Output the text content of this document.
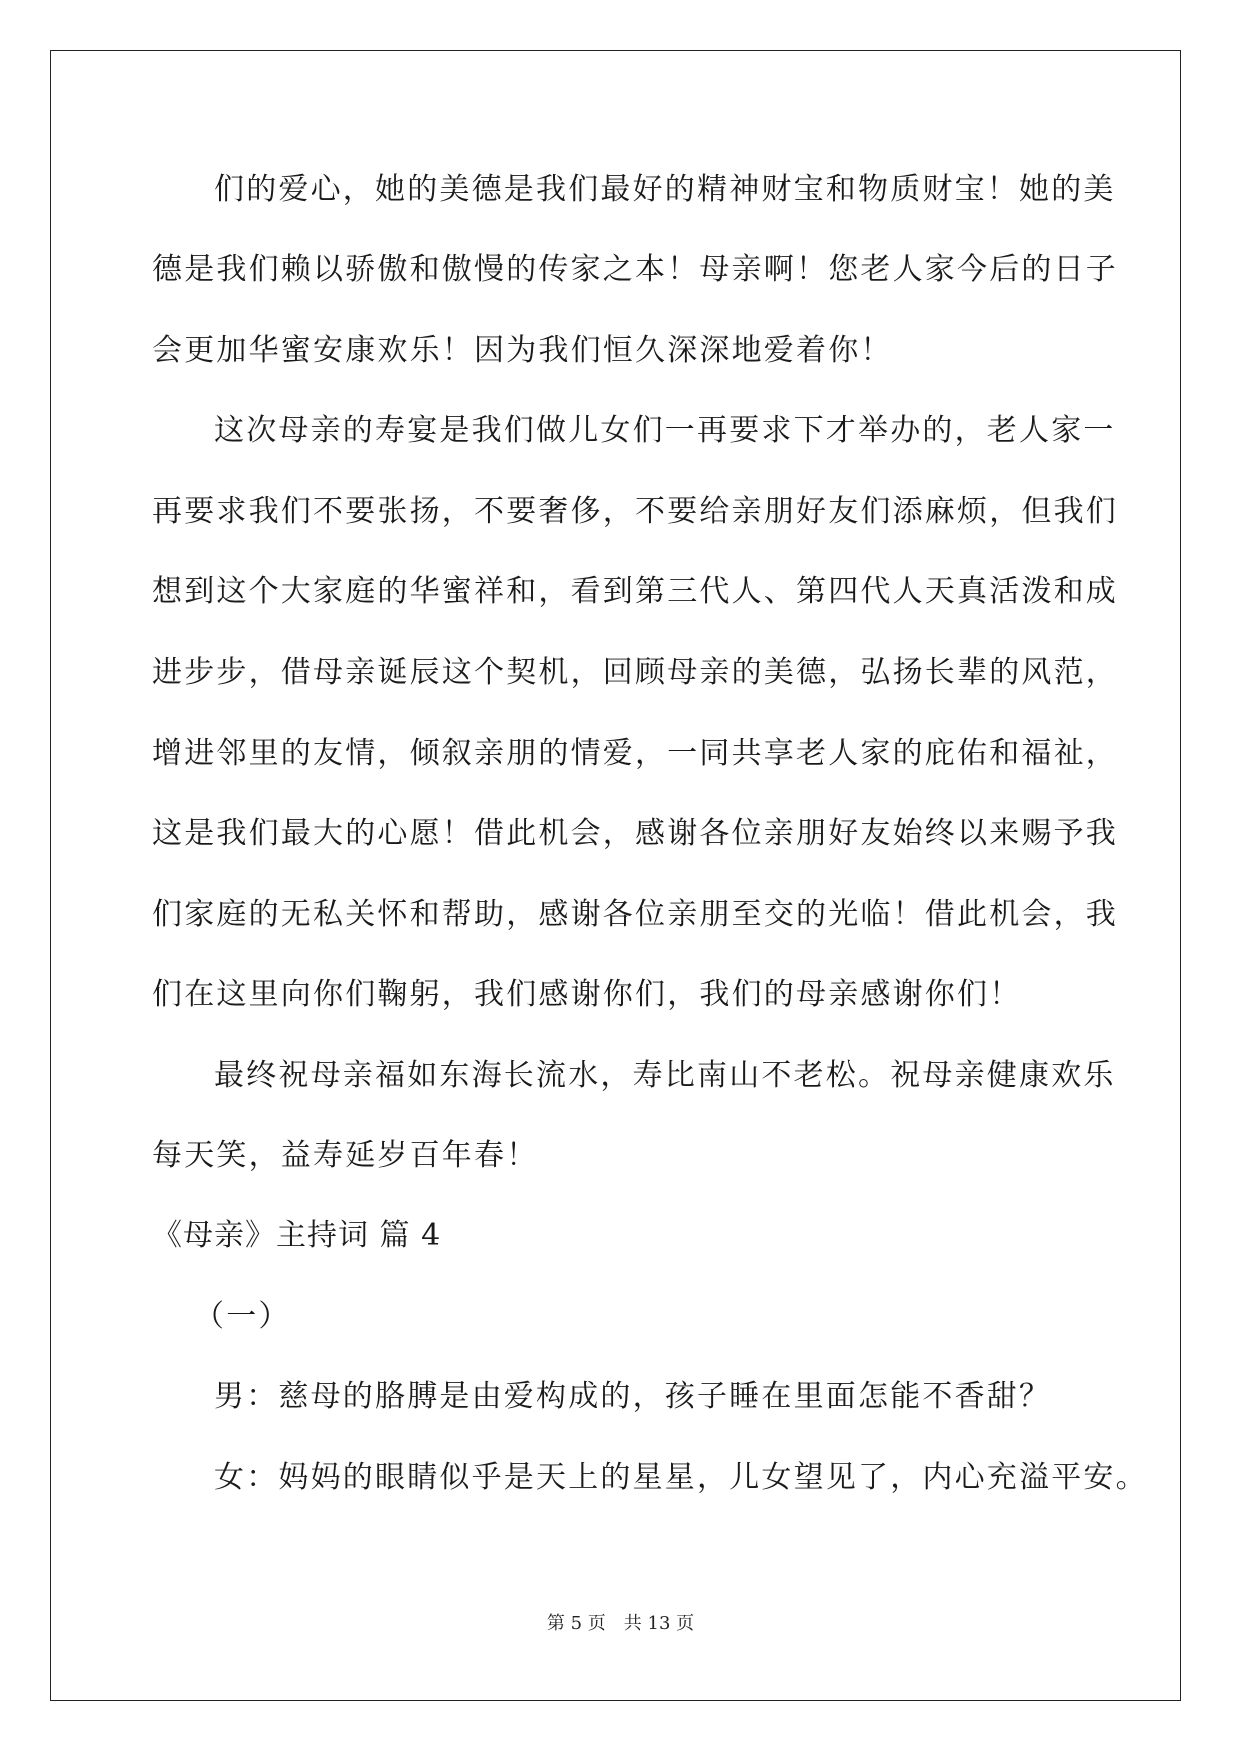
们的爱心，她的美德是我们最好的精神财宝和物质财宝！她的美
德是我们赖以骄傲和傲慢的传家之本！母亲啊！您老人家今后的日子
会更加华蜜安康欢乐！因为我们恒久深深地爱着你！
这次母亲的寿宴是我们做儿女们一再要求下才举办的，老人家一
再要求我们不要张扬，不要奢侈，不要给亲朋好友们添麻烦，但我们
想到这个大家庭的华蜜祥和，看到第三代人、第四代人天真活泼和成
进步步，借母亲诞辰这个契机，回顾母亲的美德，弘扬长辈的风范，
增进邻里的友情，倾叙亲朋的情爱，一同共享老人家的庇佑和福祉，
这是我们最大的心愿！借此机会，感谢各位亲朋好友始终以来赐予我
们家庭的无私关怀和帮助，感谢各位亲朋至交的光临！借此机会，我
们在这里向你们鞠躬，我们感谢你们，我们的母亲感谢你们！
最终祝母亲福如东海长流水，寿比南山不老松。祝母亲健康欢乐
每天笑，益寿延岁百年春！
《母亲》主持词 篇 4
（一）
男：慈母的胳膊是由爱构成的，孩子睡在里面怎能不香甜？
女：妈妈的眼睛似乎是天上的星星，儿女望见了，内心充溢平安。
第 5 页　共 13 页
